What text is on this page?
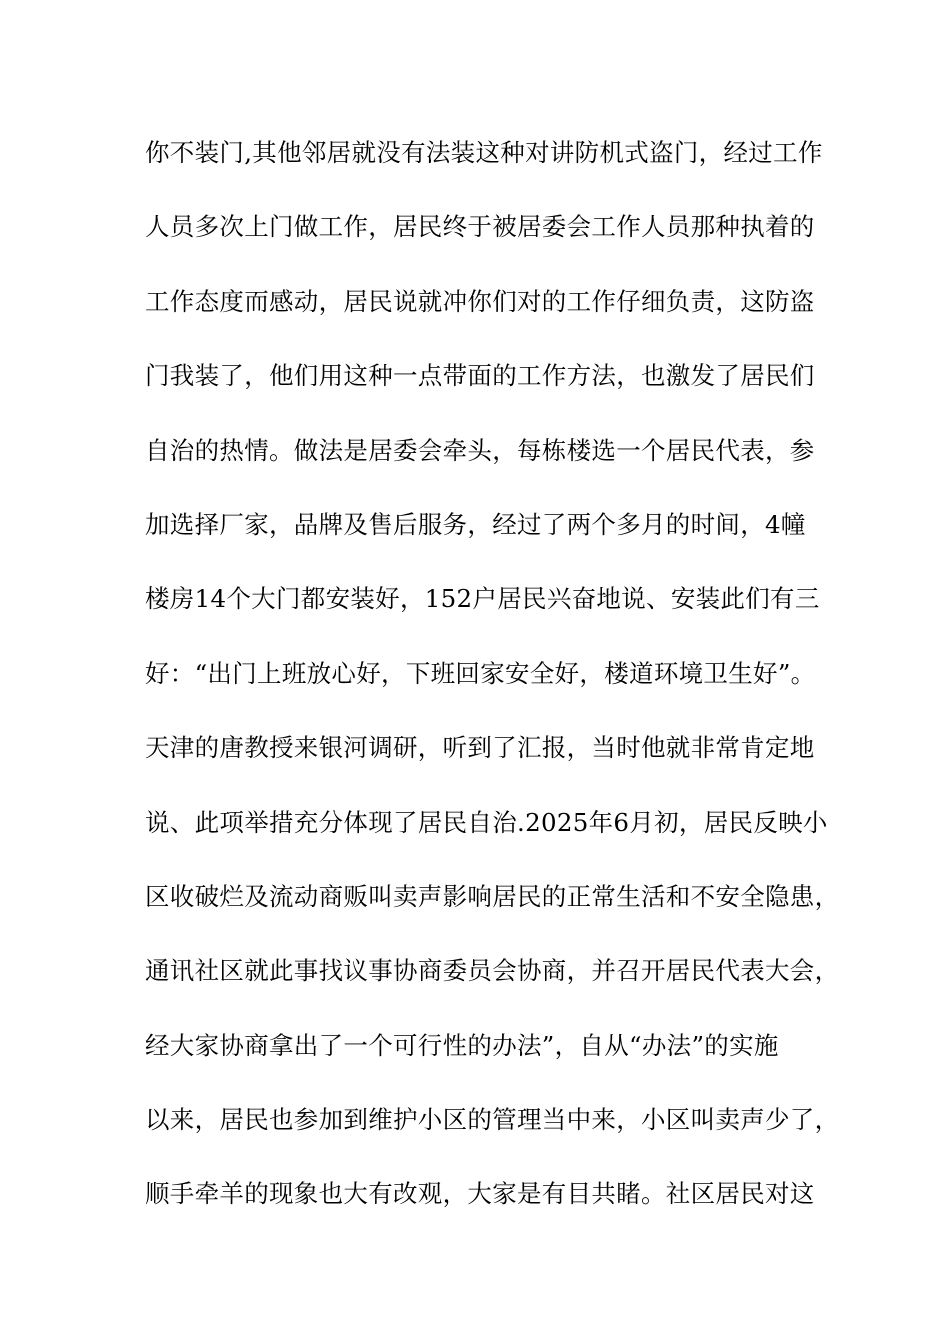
你不装门,其他邻居就没有法装这种对讲防机式盗门，经过工作
人员多次上门做工作，居民终于被居委会工作人员那种执着的
工作态度而感动，居民说就冲你们对的工作仔细负责，这防盗
门我装了，他们用这种一点带面的工作方法，也激发了居民们
自治的热情。做法是居委会牵头，每栋楼选一个居民代表，参
加选择厂家，品牌及售后服务，经过了两个多月的时间，4幢
楼房14个大门都安装好，152户居民兴奋地说、安装此们有三
好：“出门上班放心好，下班回家安全好，楼道环境卫生好”。
天津的唐教授来银河调研，听到了汇报，当时他就非常肯定地
说、此项举措充分体现了居民自治.2025年6月初，居民反映小
区收破烂及流动商贩叫卖声影响居民的正常生活和不安全隐患，
通讯社区就此事找议事协商委员会协商，并召开居民代表大会，
经大家协商拿出了一个可行性的办法”，自从“办法”的实施
以来，居民也参加到维护小区的管理当中来，小区叫卖声少了，
顺手牵羊的现象也大有改观，大家是有目共睹。社区居民对这
